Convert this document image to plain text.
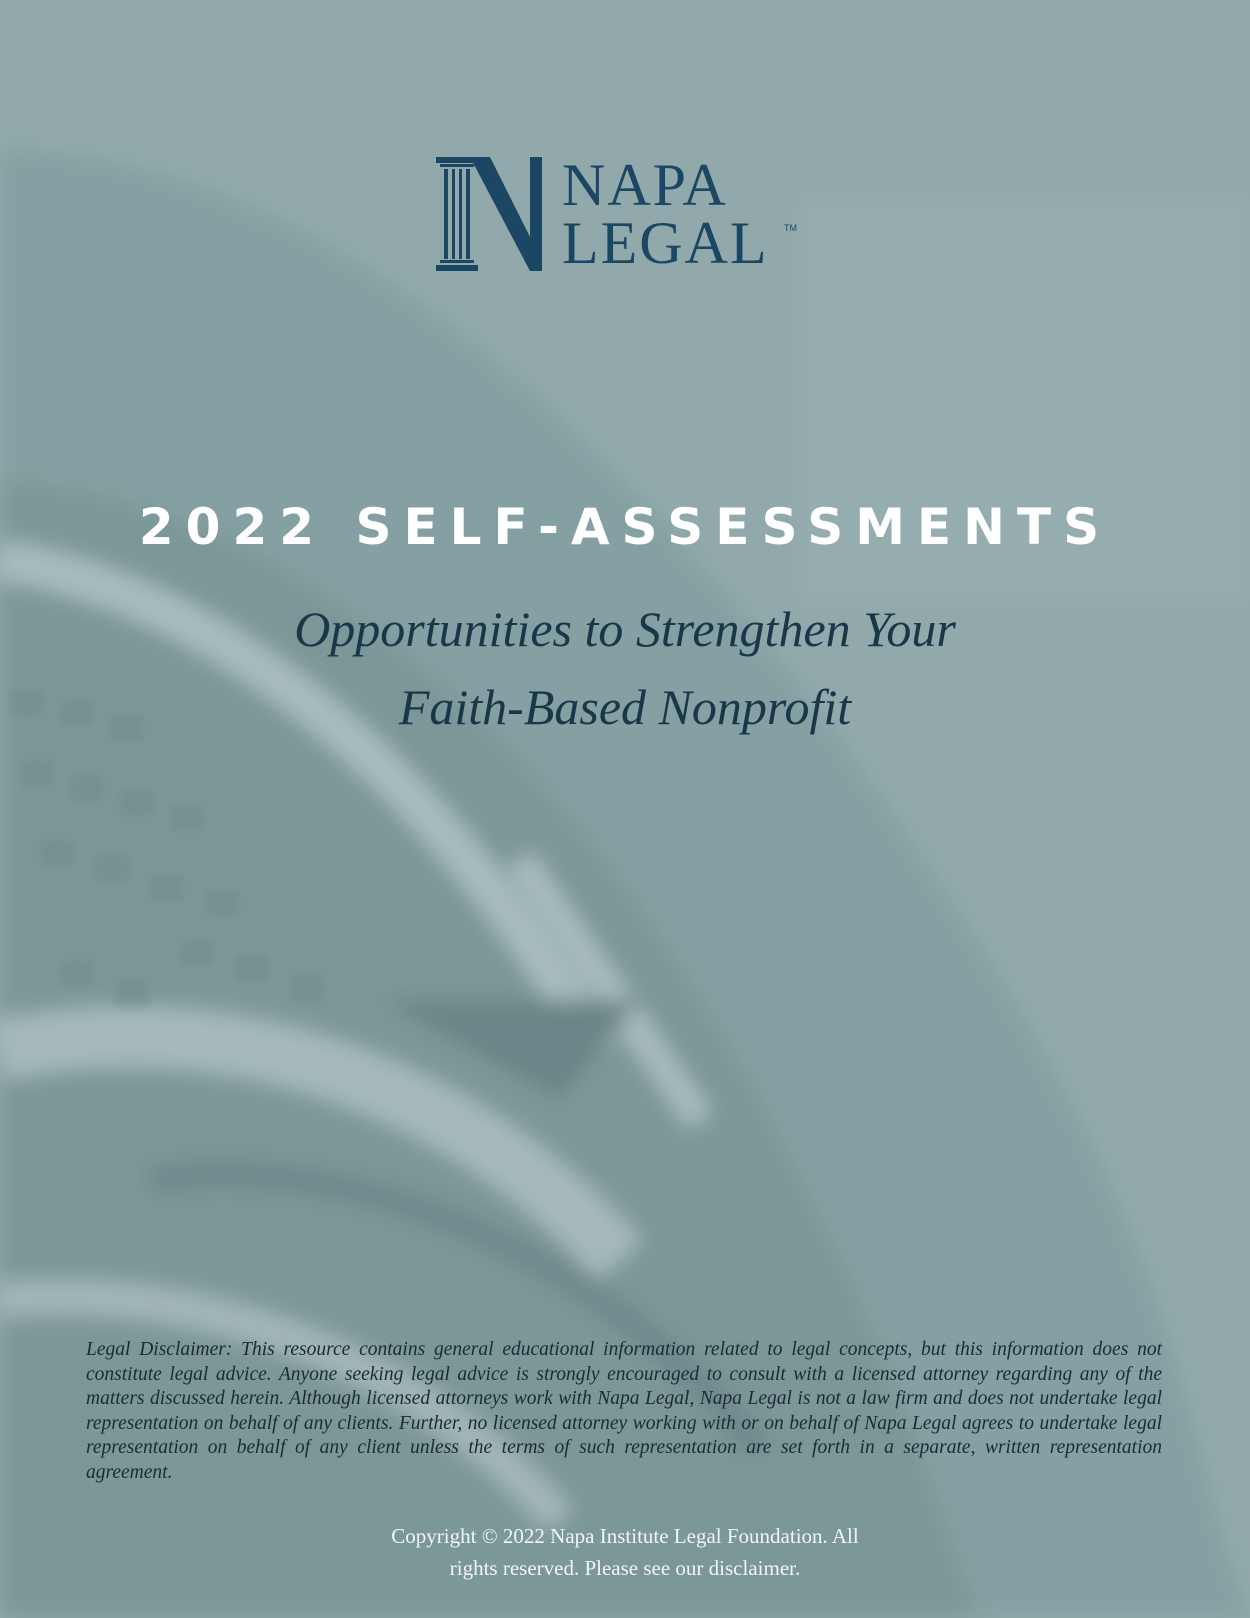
NAPA
LEGAL TM
2022 SELF-ASSESSMENTS
Opportunities to Strengthen Your
Faith-Based Nonprofit
Legal Disclaimer: This resource contains general educational information related to legal concepts, but this information does not constitute legal advice. Anyone seeking legal advice is strongly encouraged to consult with a licensed attorney regarding any of the matters discussed herein. Although licensed attorneys work with Napa Legal, Napa Legal is not a law firm and does not undertake legal representation on behalf of any clients. Further, no licensed attorney working with or on behalf of Napa Legal agrees to undertake legal representation on behalf of any client unless the terms of such representation are set forth in a separate, written representation agreement.
Copyright © 2022 Napa Institute Legal Foundation. All
rights reserved. Please see our disclaimer.
